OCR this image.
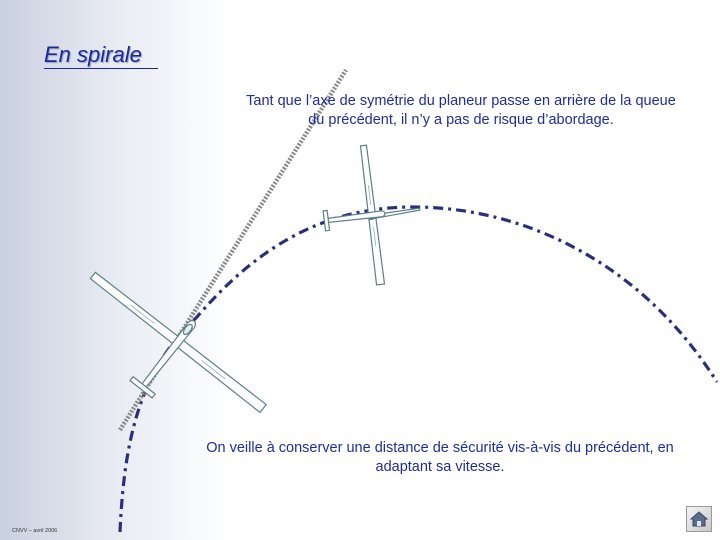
En spirale
Tant que l’axe de symétrie du planeur passe en arrière de la queue du précédent, il n’y a pas de risque d’abordage.
On veille à conserver une distance de sécurité vis-à-vis du précédent, en adaptant sa vitesse.
CNVV – avril 2006
